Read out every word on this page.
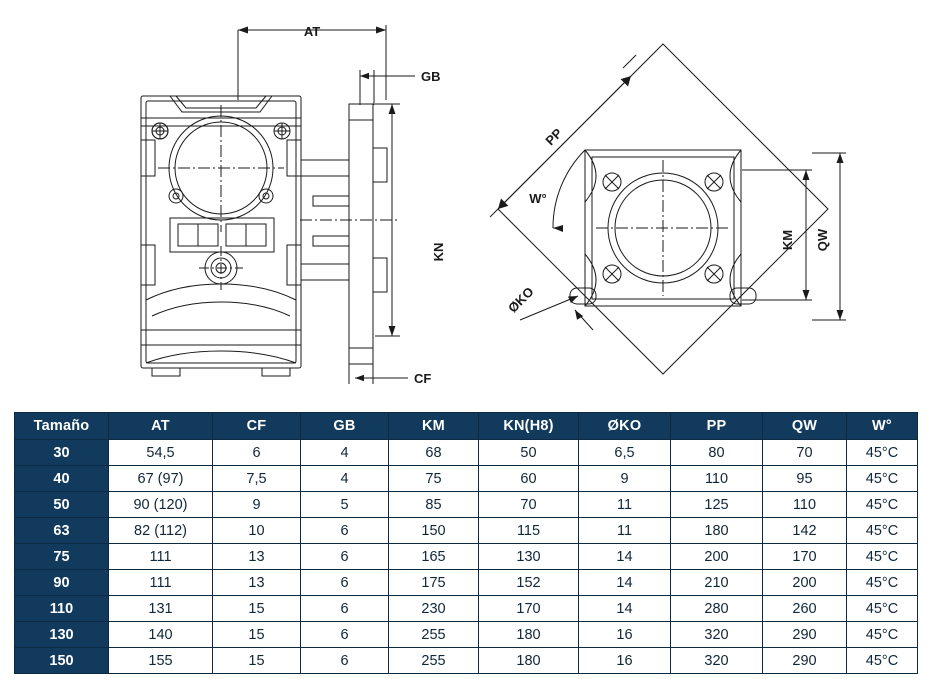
AT
GB
KN
CF
PP
W°
ØKO
KM QW
Tamaño	AT	CF	GB	KM	KN(H8)	ØKO	PP	QW	W°
30	54,5	6	4	68	50	6,5	80	70	45°C
40	67 (97)	7,5	4	75	60	9	110	95	45°C
50	90 (120)	9	5	85	70	11	125	110	45°C
63	82 (112)	10	6	150	115	11	180	142	45°C
75	111	13	6	165	130	14	200	170	45°C
90	111	13	6	175	152	14	210	200	45°C
110	131	15	6	230	170	14	280	260	45°C
130	140	15	6	255	180	16	320	290	45°C
150	155	15	6	255	180	16	320	290	45°C
